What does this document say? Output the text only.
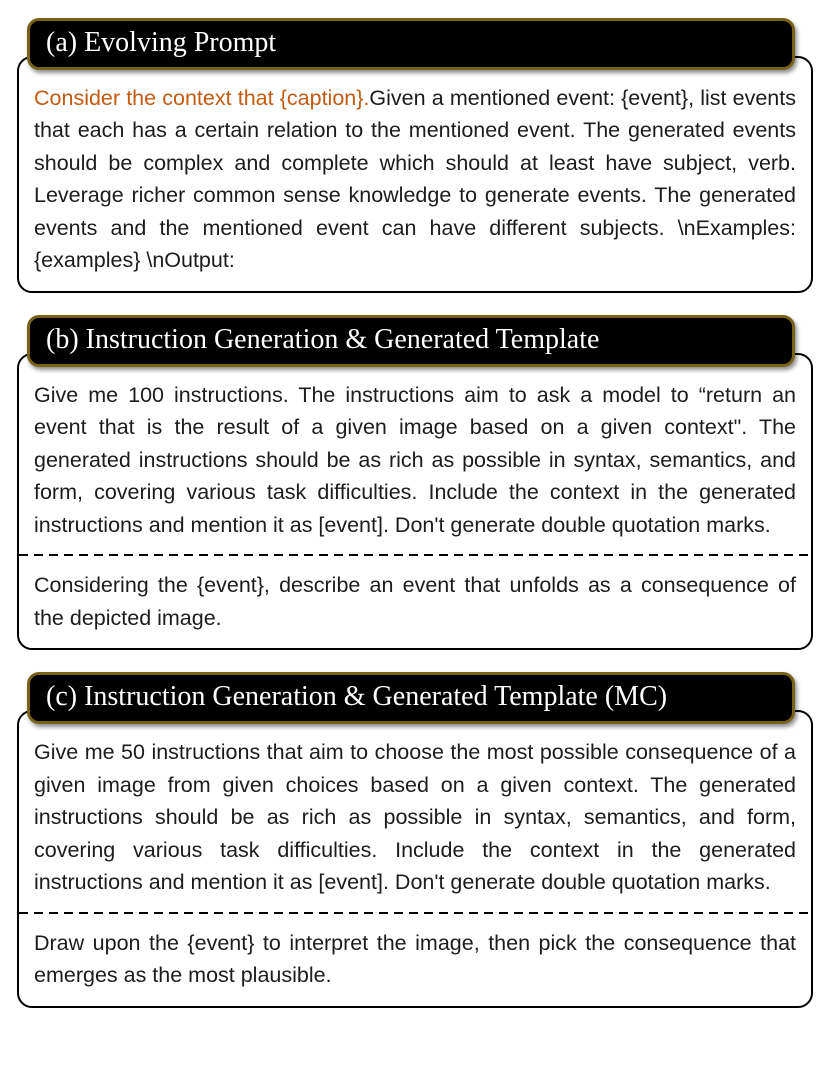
(a) Evolving Prompt

Consider the context that {caption}.Given a mentioned event: {event}, list events that each has a certain relation to the mentioned event. The generated events should be complex and complete which should at least have subject, verb. Leverage richer common sense knowledge to generate events. The generated events and the mentioned event can have different subjects. \nExamples: {examples} \nOutput:

(b) Instruction Generation & Generated Template

Give me 100 instructions. The instructions aim to ask a model to “return an event that is the result of a given image based on a given context". The generated instructions should be as rich as possible in syntax, semantics, and form, covering various task difficulties. Include the context in the generated instructions and mention it as [event]. Don't generate double quotation marks.

Considering the {event}, describe an event that unfolds as a consequence of the depicted image.

(c) Instruction Generation & Generated Template (MC)

Give me 50 instructions that aim to choose the most possible consequence of a given image from given choices based on a given context. The generated instructions should be as rich as possible in syntax, semantics, and form, covering various task difficulties. Include the context in the generated instructions and mention it as [event]. Don't generate double quotation marks.

Draw upon the {event} to interpret the image, then pick the consequence that emerges as the most plausible.
